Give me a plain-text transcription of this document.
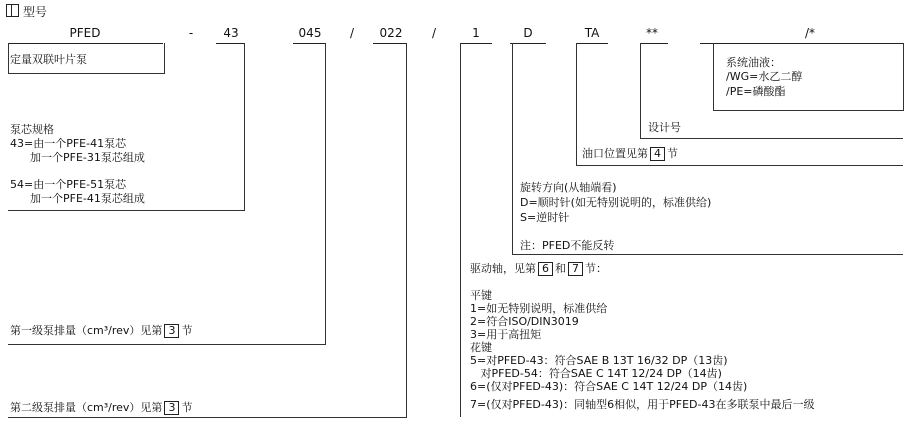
型号
PFED	-	43	045	/	022	/	1	D	TA	**	/*
定量双联叶片泵
泵芯规格
43=由一个PFE-41泵芯
加一个PFE-31泵芯组成
54=由一个PFE-51泵芯
加一个PFE-41泵芯组成
第一级泵排量（cm³/rev）见第 3 节
第二级泵排量（cm³/rev）见第 3 节
系统油液：
/WG=水乙二醇
/PE=磷酸酯
设计号
油口位置见第 4 节
旋转方向(从轴端看)
D=顺时针(如无特别说明的，标准供给)
S=逆时针
注：PFED不能反转
驱动轴，见第 6 和 7 节：
平键
1=如无特别说明，标准供给
2=符合ISO/DIN3019
3=用于高扭矩
花键
5=对PFED-43：符合SAE B 13T 16/32 DP（13齿)
对PFED-54：符合SAE C 14T 12/24 DP（14齿)
6=(仅对PFED-43)：符合SAE C 14T 12/24 DP（14齿)
7=(仅对PFED-43)：同轴型6相似，用于PFED-43在多联泵中最后一级
